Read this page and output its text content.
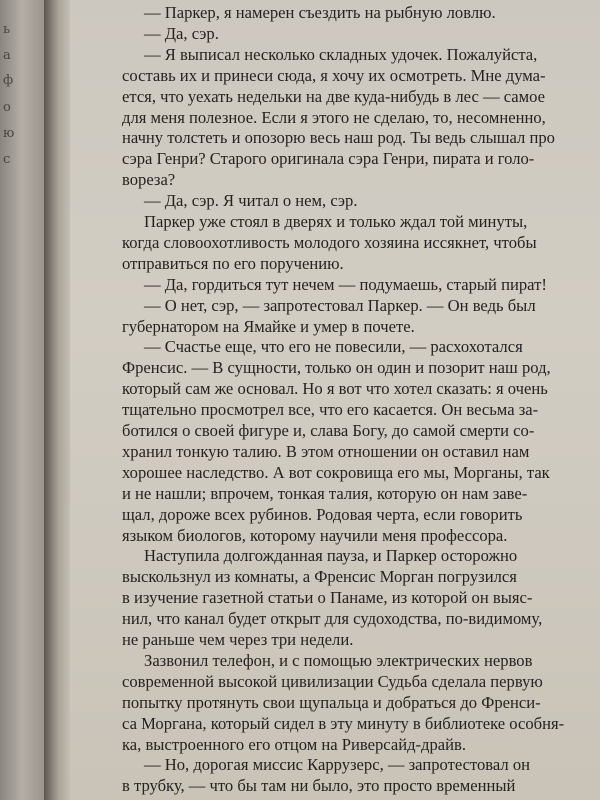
ь
а
ф
о
ю
с
— Паркер, я намерен съездить на рыбную ловлю.
— Да, сэр.
— Я выписал несколько складных удочек. Пожалуйста,
составь их и принеси сюда, я хочу их осмотреть. Мне дума-
ется, что уехать недельки на две куда-нибудь в лес — самое
для меня полезное. Если я этого не сделаю, то, несомненно,
начну толстеть и опозорю весь наш род. Ты ведь слышал про
сэра Генри? Старого оригинала сэра Генри, пирата и голо-
ворезa?
— Да, сэр. Я читал о нем, сэр.
Паркер уже стоял в дверях и только ждал той минуты,
когда словоохотливость молодого хозяина иссякнет, чтобы
отправиться по его поручению.
— Да, гордиться тут нечем — подумаешь, старый пират!
— О нет, сэр, — запротестовал Паркер. — Он ведь был
губернатором на Ямайке и умер в почете.
— Счастье еще, что его не повесили, — расхохотался
Френсис. — В сущности, только он один и позорит наш род,
который сам же основал. Но я вот что хотел сказать: я очень
тщательно просмотрел все, что его касается. Он весьма за-
ботился о своей фигуре и, слава Богу, до самой смерти со-
хранил тонкую талию. В этом отношении он оставил нам
хорошее наследство. А вот сокровища его мы, Морганы, так
и не нашли; впрочем, тонкая талия, которую он нам заве-
щал, дороже всех рубинов. Родовая черта, если говорить
языком биологов, которому научили меня профессора.
Наступила долгожданная пауза, и Паркер осторожно
выскользнул из комнаты, а Френсис Морган погрузился
в изучение газетной статьи о Панаме, из которой он выяс-
нил, что канал будет открыт для судоходства, по-видимому,
не раньше чем через три недели.
Зазвонил телефон, и с помощью электрических нервов
современной высокой цивилизации Судьба сделала первую
попытку протянуть свои щупальца и добраться до Френси-
са Моргана, который сидел в эту минуту в библиотеке особня-
ка, выстроенного его отцом на Риверсайд-драйв.
— Но, дорогая миссис Каррузерс, — запротестовал он
в трубку, — что бы там ни было, это просто временный
